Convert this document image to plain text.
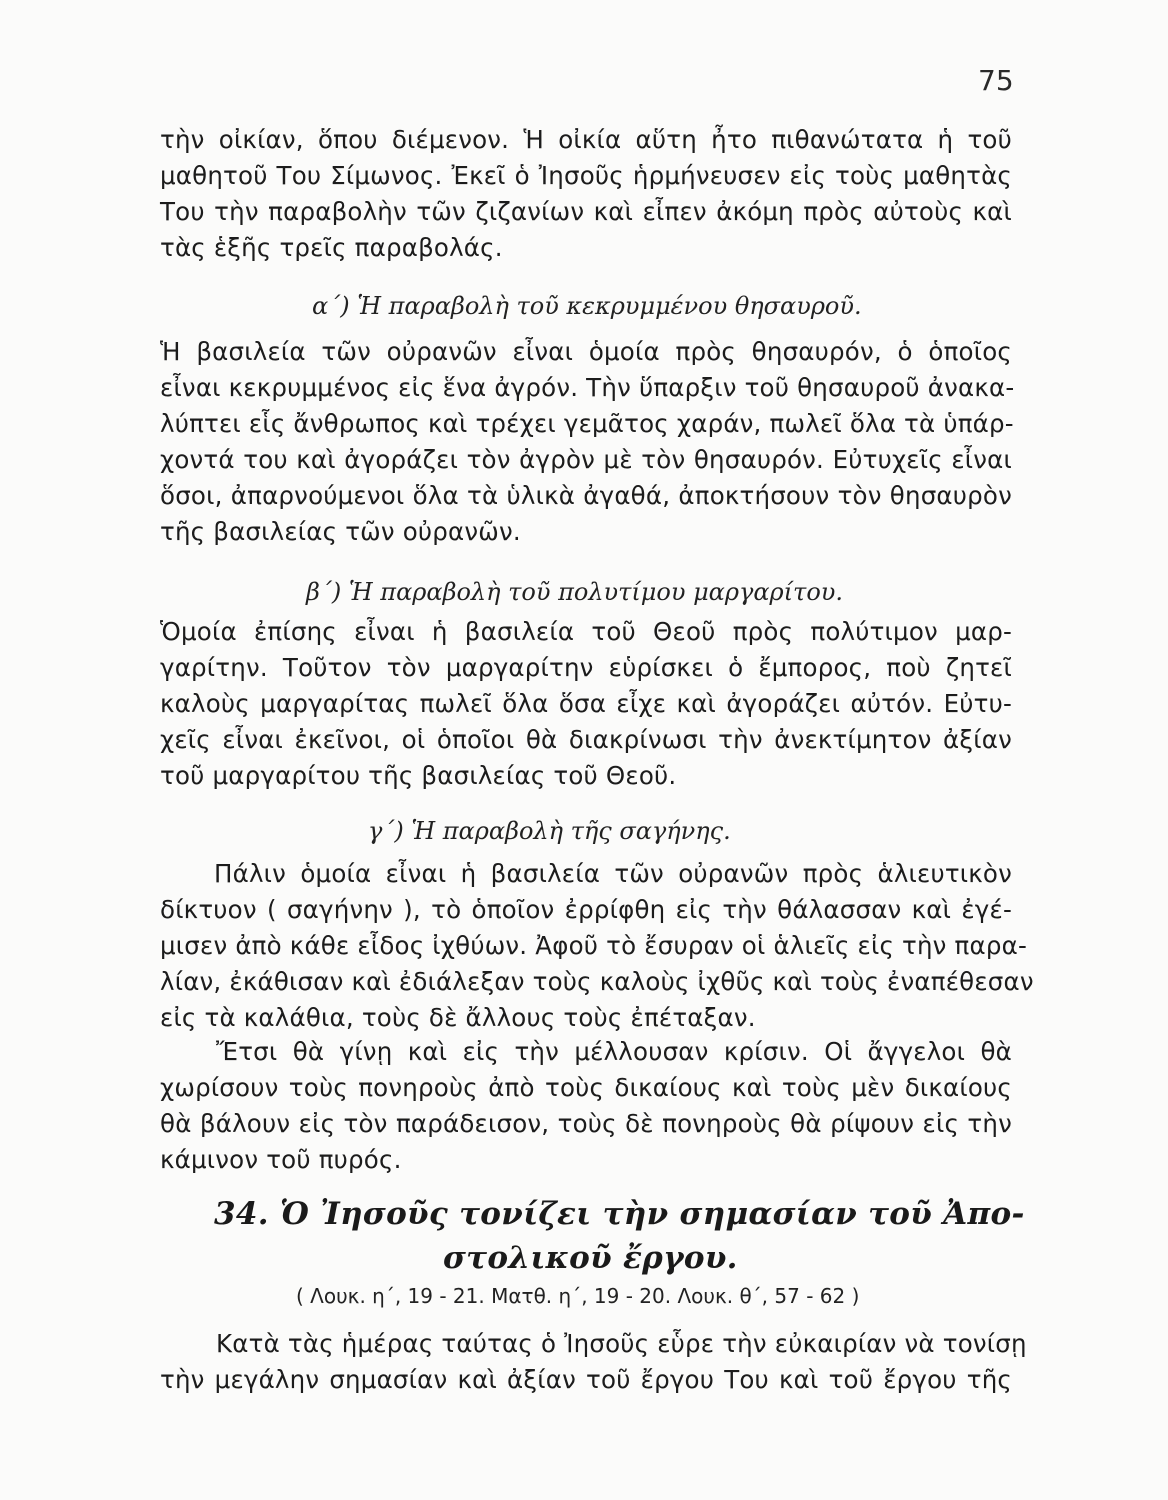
75
τὴν οἰκίαν, ὅπου διέμενον. Ἡ οἰκία αὕτη ἦτο πιθανώτατα ἡ τοῦ
μαθητοῦ Του Σίμωνος. Ἐκεῖ ὁ Ἰησοῦς ἡρμήνευσεν εἰς τοὺς μαθητὰς
Του τὴν παραβολὴν τῶν ζιζανίων καὶ εἶπεν ἀκόμη πρὸς αὐτοὺς καὶ
τὰς ἑξῆς τρεῖς παραβολάς.
α΄) Ἡ παραβολὴ τοῦ κεκρυμμένου θησαυροῦ.
Ἡ βασιλεία τῶν οὐρανῶν εἶναι ὁμοία πρὸς θησαυρόν, ὁ ὁποῖος
εἶναι κεκρυμμένος εἰς ἕνα ἀγρόν. Τὴν ὕπαρξιν τοῦ θησαυροῦ ἀνακα-
λύπτει εἷς ἄνθρωπος καὶ τρέχει γεμᾶτος χαράν, πωλεῖ ὅλα τὰ ὑπάρ-
χοντά του καὶ ἀγοράζει τὸν ἀγρὸν μὲ τὸν θησαυρόν. Εὐτυχεῖς εἶναι
ὅσοι, ἀπαρνούμενοι ὅλα τὰ ὑλικὰ ἀγαθά, ἀποκτήσουν τὸν θησαυρὸν
τῆς βασιλείας τῶν οὐρανῶν.
β΄) Ἡ παραβολὴ τοῦ πολυτίμου μαργαρίτου.
Ὁμοία ἐπίσης εἶναι ἡ βασιλεία τοῦ Θεοῦ πρὸς πολύτιμον μαρ-
γαρίτην. Τοῦτον τὸν μαργαρίτην εὑρίσκει ὁ ἔμπορος, ποὺ ζητεῖ
καλοὺς μαργαρίτας πωλεῖ ὅλα ὅσα εἶχε καὶ ἀγοράζει αὐτόν. Εὐτυ-
χεῖς εἶναι ἐκεῖνοι, οἱ ὁποῖοι θὰ διακρίνωσι τὴν ἀνεκτίμητον ἀξίαν
τοῦ μαργαρίτου τῆς βασιλείας τοῦ Θεοῦ.
γ΄) Ἡ παραβολὴ τῆς σαγήνης.
Πάλιν ὁμοία εἶναι ἡ βασιλεία τῶν οὐρανῶν πρὸς ἁλιευτικὸν
δίκτυον ( σαγήνην ), τὸ ὁποῖον ἐρρίφθη εἰς τὴν θάλασσαν καὶ ἐγέ-
μισεν ἀπὸ κάθε εἶδος ἰχθύων. Ἀφοῦ τὸ ἔσυραν οἱ ἁλιεῖς εἰς τὴν παρα-
λίαν, ἐκάθισαν καὶ ἐδιάλεξαν τοὺς καλοὺς ἰχθῦς καὶ τοὺς ἐναπέθεσαν
εἰς τὰ καλάθια, τοὺς δὲ ἄλλους τοὺς ἐπέταξαν.
Ἔτσι θὰ γίνῃ καὶ εἰς τὴν μέλλουσαν κρίσιν. Οἱ ἄγγελοι θὰ
χωρίσουν τοὺς πονηροὺς ἀπὸ τοὺς δικαίους καὶ τοὺς μὲν δικαίους
θὰ βάλουν εἰς τὸν παράδεισον, τοὺς δὲ πονηροὺς θὰ ρίψουν εἰς τὴν
κάμινον τοῦ πυρός.
34. Ὁ Ἰησοῦς τονίζει τὴν σημασίαν τοῦ Ἀπο-
στολικοῦ ἔργου.
( Λουκ. η΄, 19 - 21. Ματθ. η΄, 19 - 20. Λουκ. θ΄, 57 - 62 )
Κατὰ τὰς ἡμέρας ταύτας ὁ Ἰησοῦς εὗρε τὴν εὐκαιρίαν νὰ τονίσῃ
τὴν μεγάλην σημασίαν καὶ ἀξίαν τοῦ ἔργου Του καὶ τοῦ ἔργου τῆς
